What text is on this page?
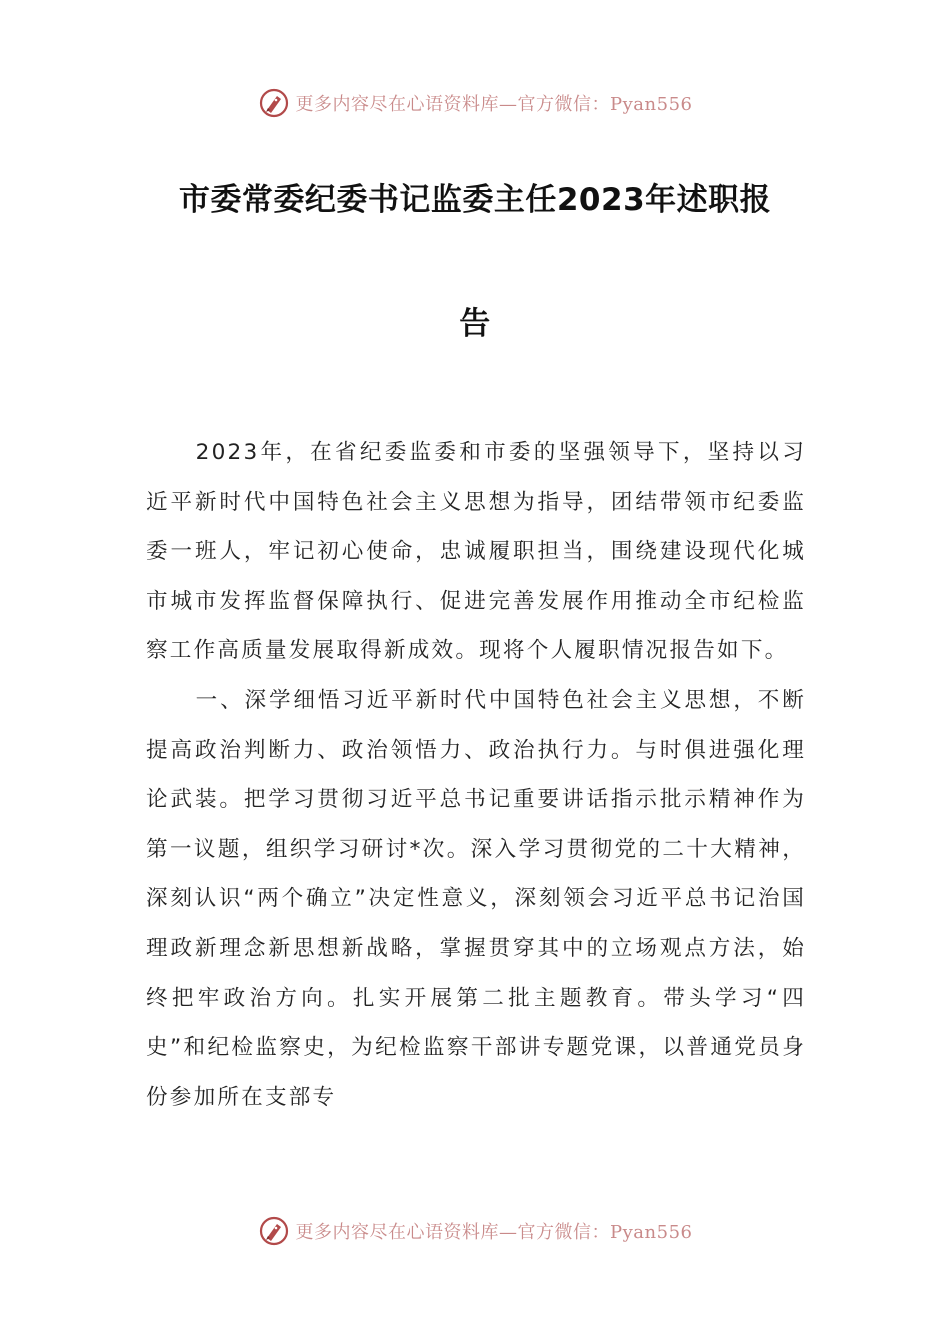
更多内容尽在心语资料库—官方微信：Pyan556
市委常委纪委书记监委主任2023年述职报
告

2023年，在省纪委监委和市委的坚强领导下，坚持以习近平新时代中国特色社会主义思想为指导，团结带领市纪委监委一班人，牢记初心使命，忠诚履职担当，围绕建设现代化城市城市发挥监督保障执行、促进完善发展作用推动全市纪检监察工作高质量发展取得新成效。现将个人履职情况报告如下。

一、深学细悟习近平新时代中国特色社会主义思想，不断提高政治判断力、政治领悟力、政治执行力。与时俱进强化理论武装。把学习贯彻习近平总书记重要讲话指示批示精神作为第一议题，组织学习研讨*次。深入学习贯彻党的二十大精神，深刻认识“两个确立”决定性意义，深刻领会习近平总书记治国理政新理念新思想新战略，掌握贯穿其中的立场观点方法，始终把牢政治方向。扎实开展第二批主题教育。带头学习“四史”和纪检监察史，为纪检监察干部讲专题党课，以普通党员身份参加所在支部专

更多内容尽在心语资料库—官方微信：Pyan556
